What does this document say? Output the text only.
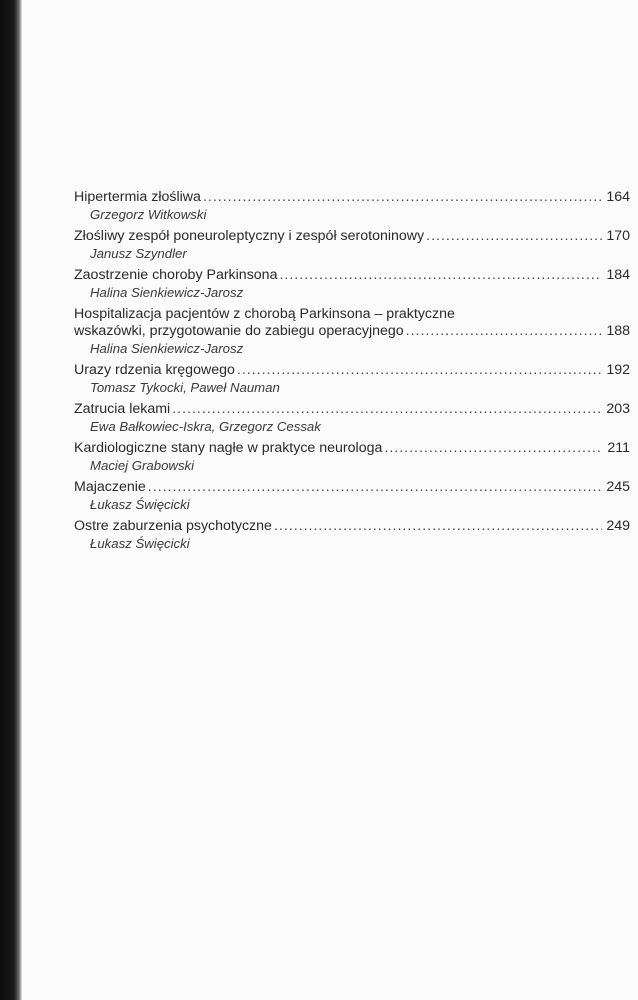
Hipertermia złośliwa .....	164
Grzegorz Witkowski
Złośliwy zespół poneuroleptyczny i zespół serotoninowy .....	170
Janusz Szyndler
Zaostrzenie choroby Parkinsona .....	184
Halina Sienkiewicz-Jarosz
Hospitalizacja pacjentów z chorobą Parkinsona – praktyczne
wskazówki, przygotowanie do zabiegu operacyjnego .....	188
Halina Sienkiewicz-Jarosz
Urazy rdzenia kręgowego .....	192
Tomasz Tykocki, Paweł Nauman
Zatrucia lekami .....	203
Ewa Bałkowiec-Iskra, Grzegorz Cessak
Kardiologiczne stany nagłe w praktyce neurologa .....	211
Maciej Grabowski
Majaczenie .....	245
Łukasz Święcicki
Ostre zaburzenia psychotyczne .....	249
Łukasz Święcicki
